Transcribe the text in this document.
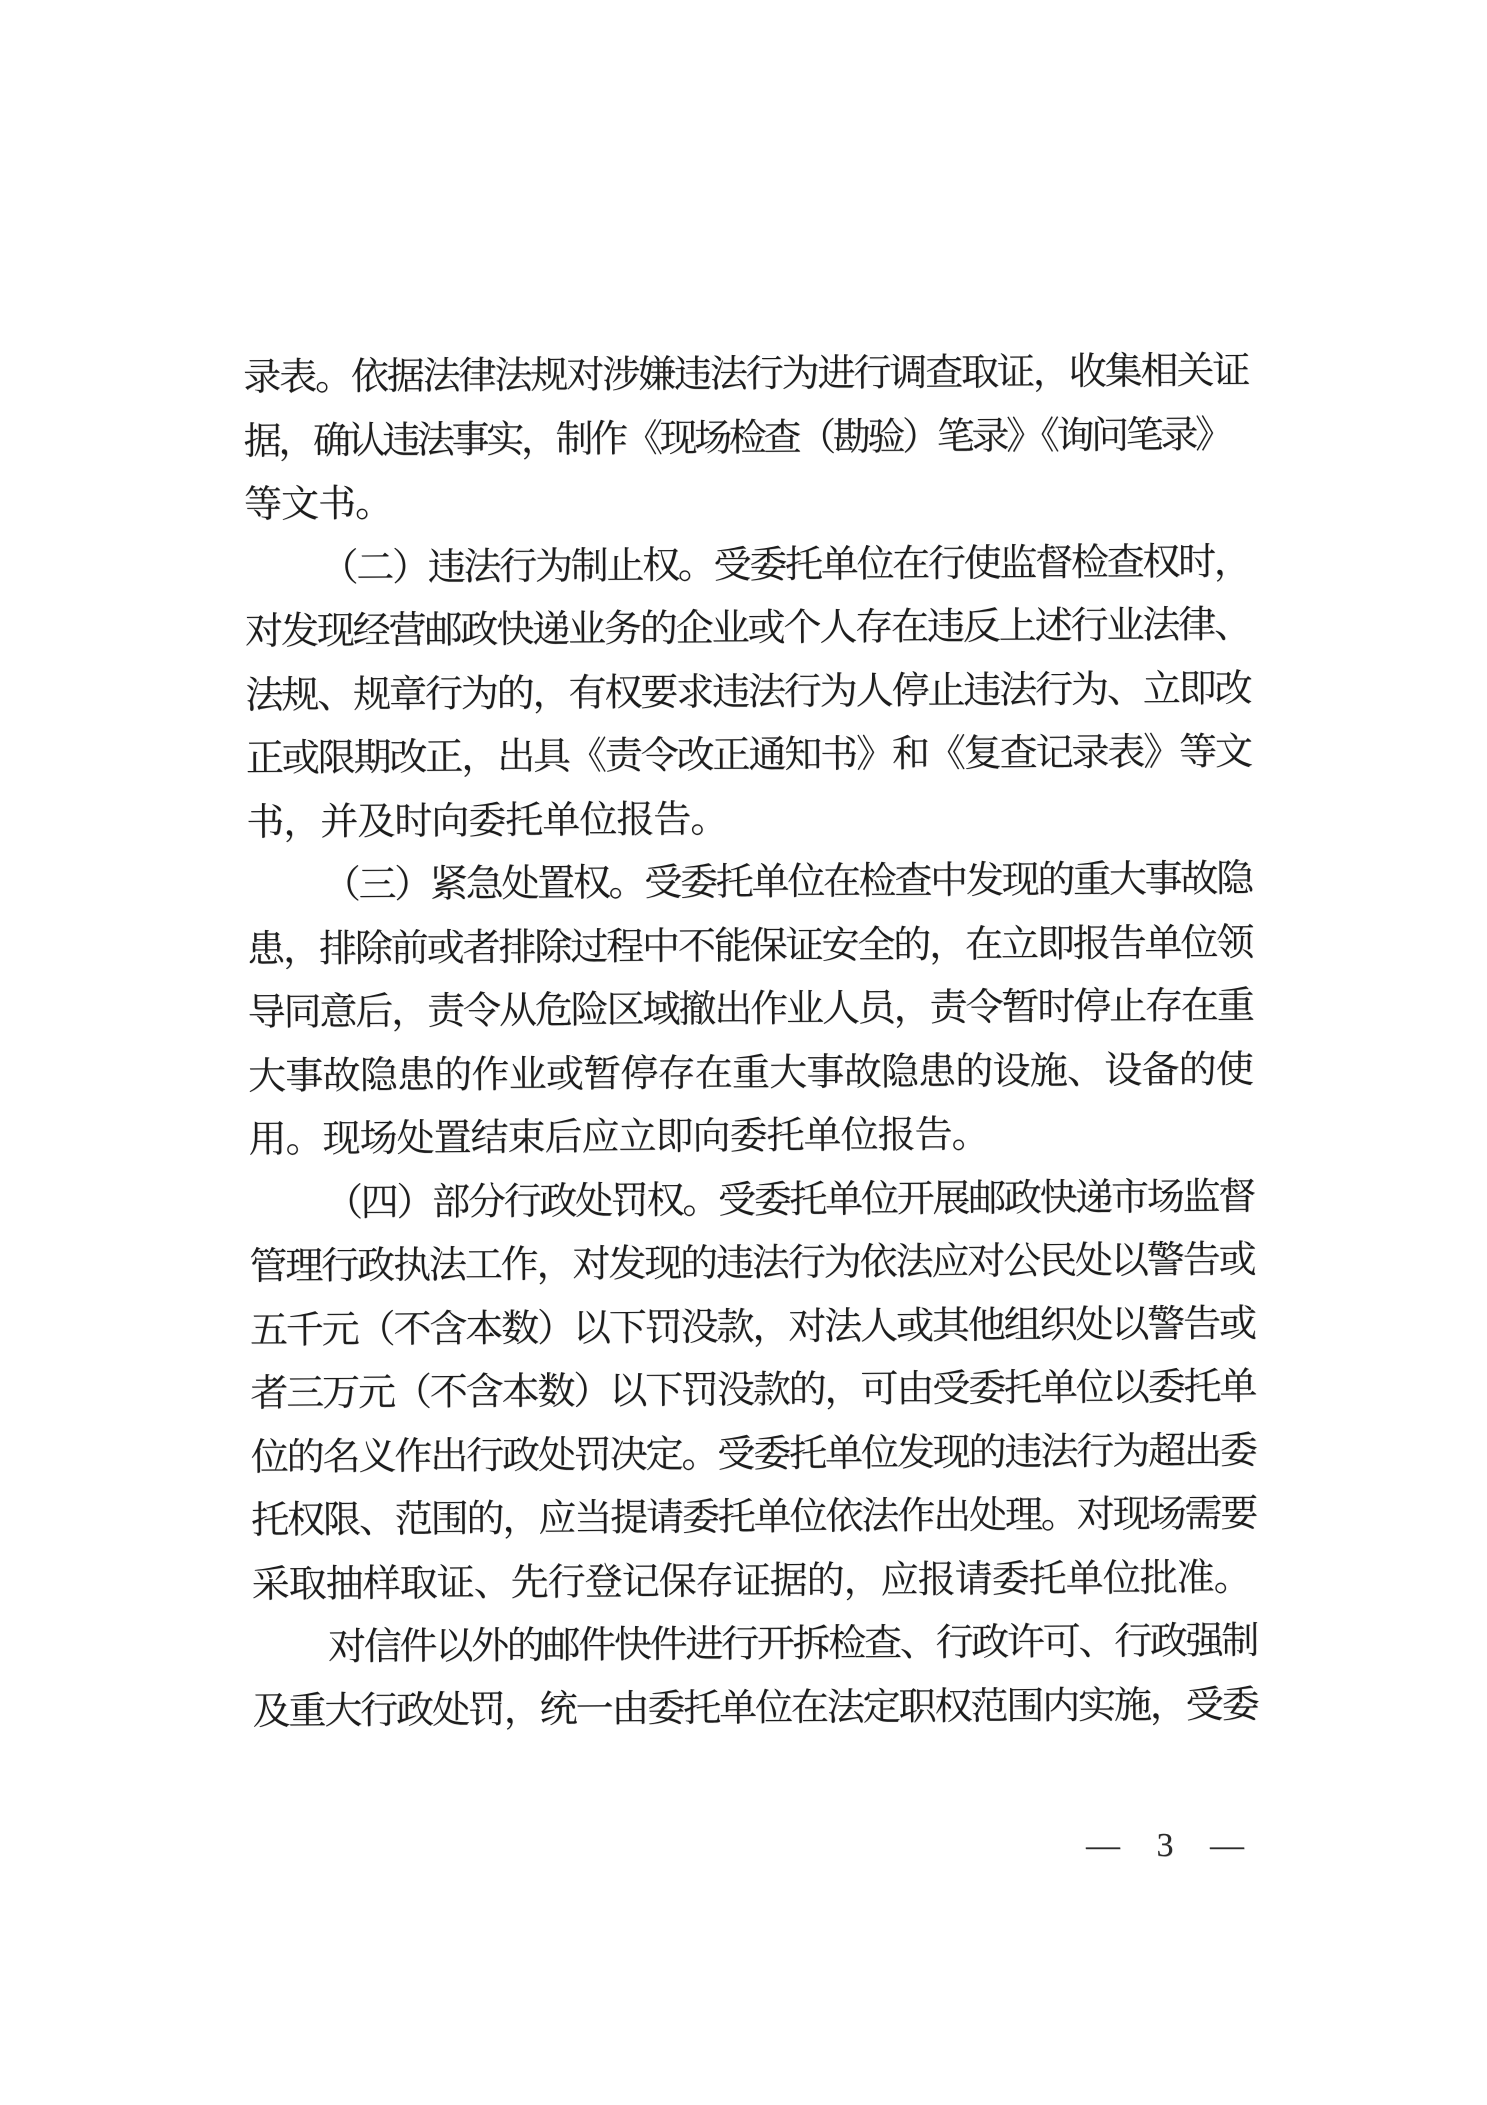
录表。依据法律法规对涉嫌违法行为进行调查取证，收集相关证
据，确认违法事实，制作《现场检查（勘验）笔录》《询问笔录》
等文书。
（二）违法行为制止权。受委托单位在行使监督检查权时，
对发现经营邮政快递业务的企业或个人存在违反上述行业法律、
法规、规章行为的，有权要求违法行为人停止违法行为、立即改
正或限期改正，出具《责令改正通知书》和《复查记录表》等文
书，并及时向委托单位报告。
（三）紧急处置权。受委托单位在检查中发现的重大事故隐
患，排除前或者排除过程中不能保证安全的，在立即报告单位领
导同意后，责令从危险区域撤出作业人员，责令暂时停止存在重
大事故隐患的作业或暂停存在重大事故隐患的设施、设备的使
用。现场处置结束后应立即向委托单位报告。
（四）部分行政处罚权。受委托单位开展邮政快递市场监督
管理行政执法工作，对发现的违法行为依法应对公民处以警告或
五千元（不含本数）以下罚没款，对法人或其他组织处以警告或
者三万元（不含本数）以下罚没款的，可由受委托单位以委托单
位的名义作出行政处罚决定。受委托单位发现的违法行为超出委
托权限、范围的，应当提请委托单位依法作出处理。对现场需要
采取抽样取证、先行登记保存证据的，应报请委托单位批准。
对信件以外的邮件快件进行开拆检查、行政许可、行政强制
及重大行政处罚，统一由委托单位在法定职权范围内实施，受委
— 3 —
